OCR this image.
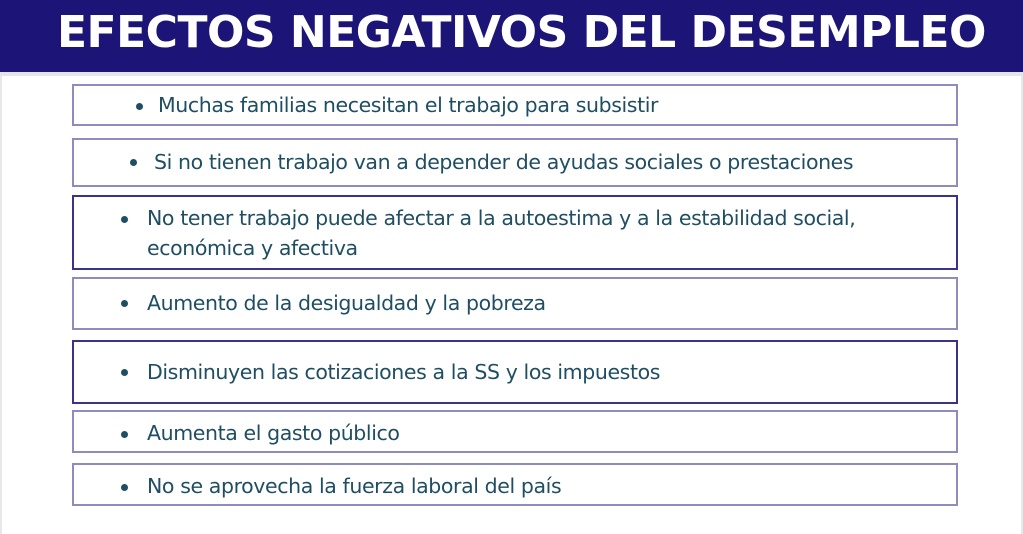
EFECTOS NEGATIVOS DEL DESEMPLEO
Muchas familias necesitan el trabajo para subsistir
Si no tienen trabajo van a depender de ayudas sociales o prestaciones
No tener trabajo puede afectar a la autoestima y a la estabilidad social, económica y afectiva
Aumento de la desigualdad y la pobreza
Disminuyen las cotizaciones a la SS y los impuestos
Aumenta el gasto público
No se aprovecha la fuerza laboral del país
